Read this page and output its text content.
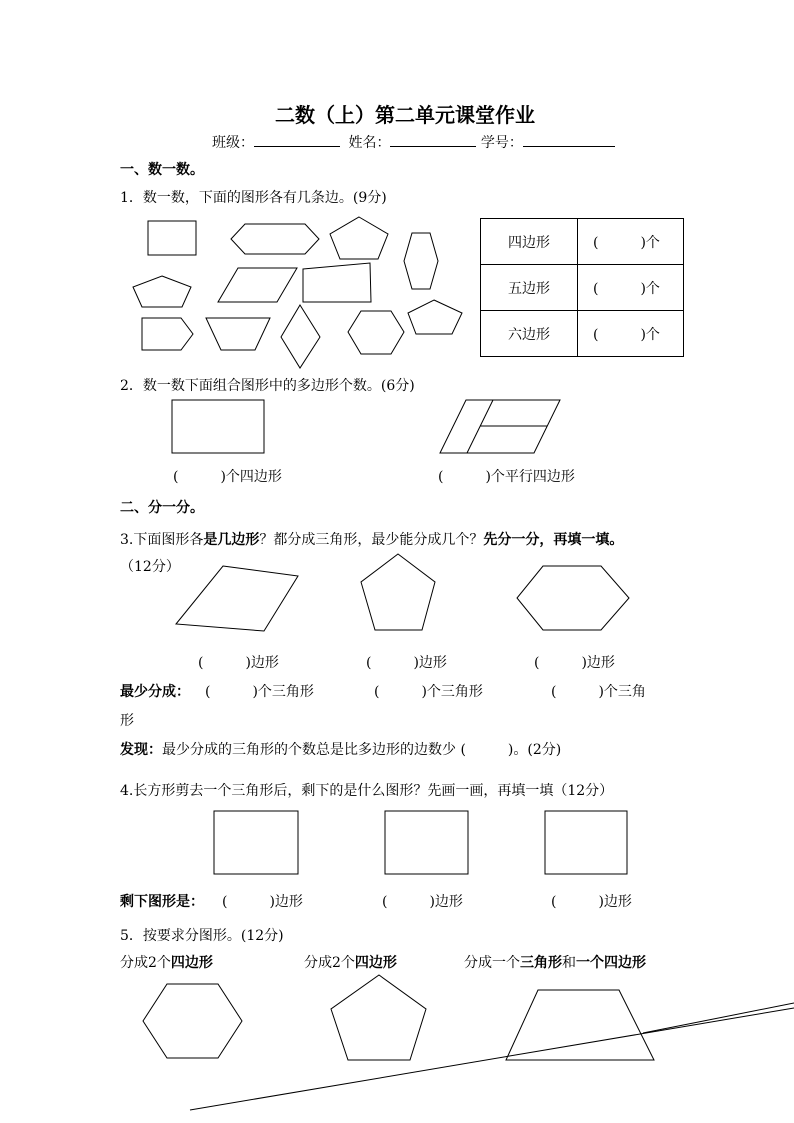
二数（上）第二单元课堂作业
班级：	姓名：	学号：
一、数一数。
1．数一数，下面的图形各有几条边。(9分)
四边形	(　　　)个
五边形	(　　　)个
六边形	(　　　)个
2．数一数下面组合图形中的多边形个数。(6分)
(　　　)个四边形	(　　　)个平行四边形
二、分一分。
3.下面图形各是几边形？都分成三角形，最少能分成几个？先分一分，再填一填。
（12分）
(　　　)边形	(　　　)边形	(　　　)边形
最少分成： (　　　)个三角形	(　　　)个三角形	(　　　)个三角
形
发现：最少分成的三角形的个数总是比多边形的边数少 (　　　)。(2分)
4.长方形剪去一个三角形后，剩下的是什么图形？先画一画，再填一填（12分）
剩下图形是： (　　　)边形	(　　　)边形	(　　　)边形
5．按要求分图形。(12分)
分成2个四边形	分成2个四边形	分成一个三角形和一个四边形
